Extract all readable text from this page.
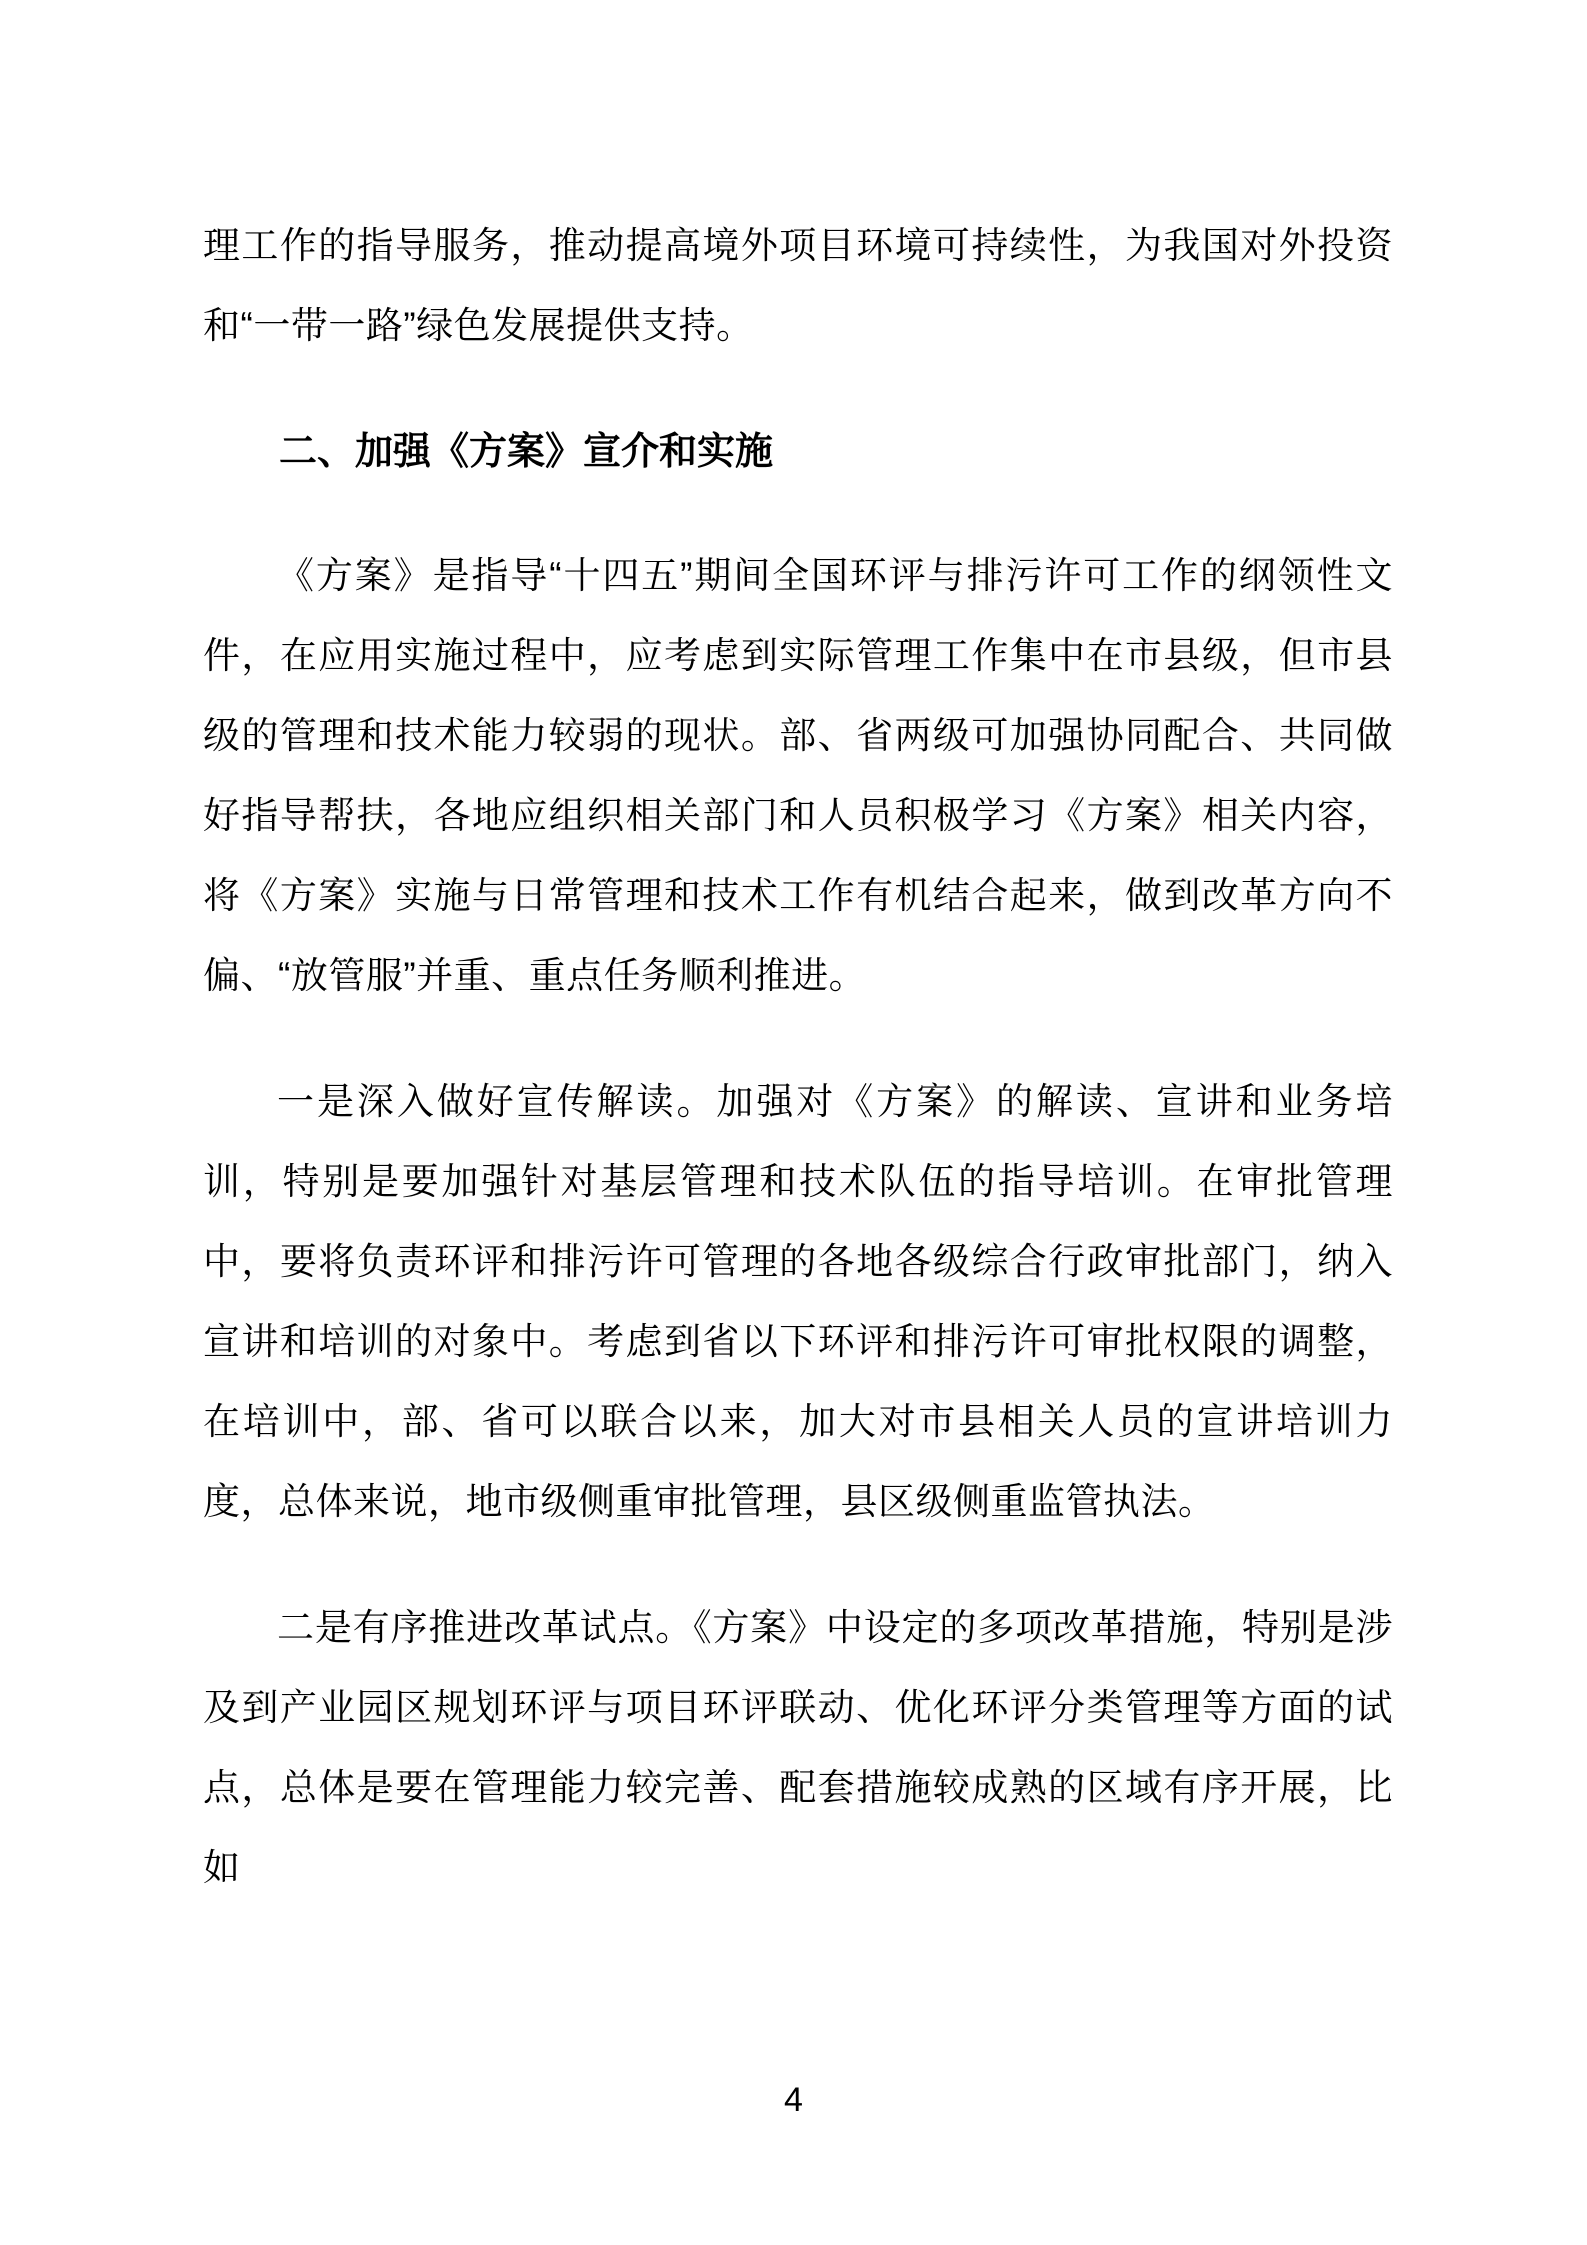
理工作的指导服务，推动提高境外项目环境可持续性，为我国对外投资和“一带一路”绿色发展提供支持。

二、加强《方案》宣介和实施

《方案》是指导“十四五”期间全国环评与排污许可工作的纲领性文件，在应用实施过程中，应考虑到实际管理工作集中在市县级，但市县级的管理和技术能力较弱的现状。部、省两级可加强协同配合、共同做好指导帮扶，各地应组织相关部门和人员积极学习《方案》相关内容，将《方案》实施与日常管理和技术工作有机结合起来，做到改革方向不偏、“放管服”并重、重点任务顺利推进。

一是深入做好宣传解读。加强对《方案》的解读、宣讲和业务培训，特别是要加强针对基层管理和技术队伍的指导培训。在审批管理中，要将负责环评和排污许可管理的各地各级综合行政审批部门，纳入宣讲和培训的对象中。考虑到省以下环评和排污许可审批权限的调整，在培训中，部、省可以联合以来，加大对市县相关人员的宣讲培训力度，总体来说，地市级侧重审批管理，县区级侧重监管执法。

二是有序推进改革试点。《方案》中设定的多项改革措施，特别是涉及到产业园区规划环评与项目环评联动、优化环评分类管理等方面的试点，总体是要在管理能力较完善、配套措施较成熟的区域有序开展，比如

4
